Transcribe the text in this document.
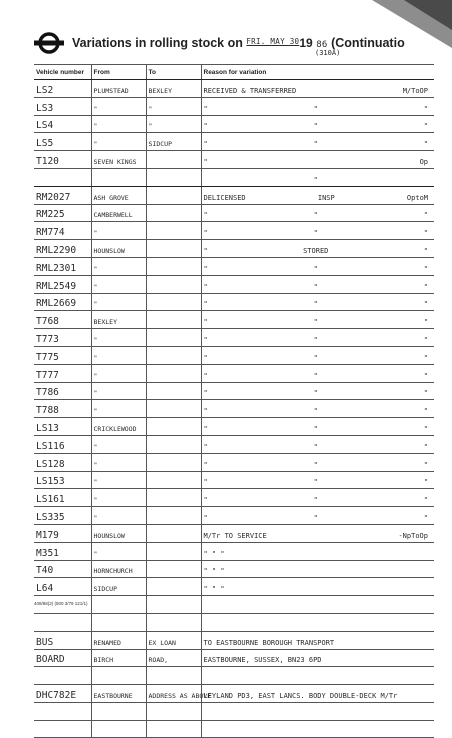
Variations in rolling stock on $^{FRI. MAY 30}$19 86 (Continuatio
(310A)
Vehicle number	From	To	Reason for variation
LS2	PLUMSTEAD	BEXLEY	RECEIVED & TRANSFERRED M/ToOP

LS3	"	"	" " "

LS4	"	"	" " "

LS5	"	SIDCUP	" " "

T120	SEVEN KINGS		" Op

			"

RM2027	ASH GROVE		DELICENSED INSP OptoM

RM225	CAMBERWELL		" " "

RM774	"		" " "

RML2290	HOUNSLOW		" STORED "

RML2301	"		" " "

RML2549	"		" " "

RML2669	"		" " "

T768	BEXLEY		" " "

T773	"		" " "

T775	"		" " "

T777	"		" " "

T786	"		" " "

T788	"		" " "

LS13	CRICKLEWOOD		" " "

LS116	"		" " "

LS128	"		" " "

LS153	"		" " "

LS161	"		" " "

LS335	"		" " "

M179	HOUNSLOW		M/Tr TO SERVICE -NpToOp

M351	"		" " "

T40	HORNCHURCH		" " "

L64	SIDCUP		" " "

BUS	RENAMED	EX LOAN	TO EASTBOURNE BOROUGH TRANSPORT

BOARD	BIRCH	ROAD,	EASTBOURNE, SUSSEX, BN23 6PD

DHC782E	EASTBOURNE	ADDRESS AS ABOVE	LEYLAND PD3, EAST LANCS. BODY DOUBLE-DECK M/Tr

408/88(2) (500 3/79 121/1)
